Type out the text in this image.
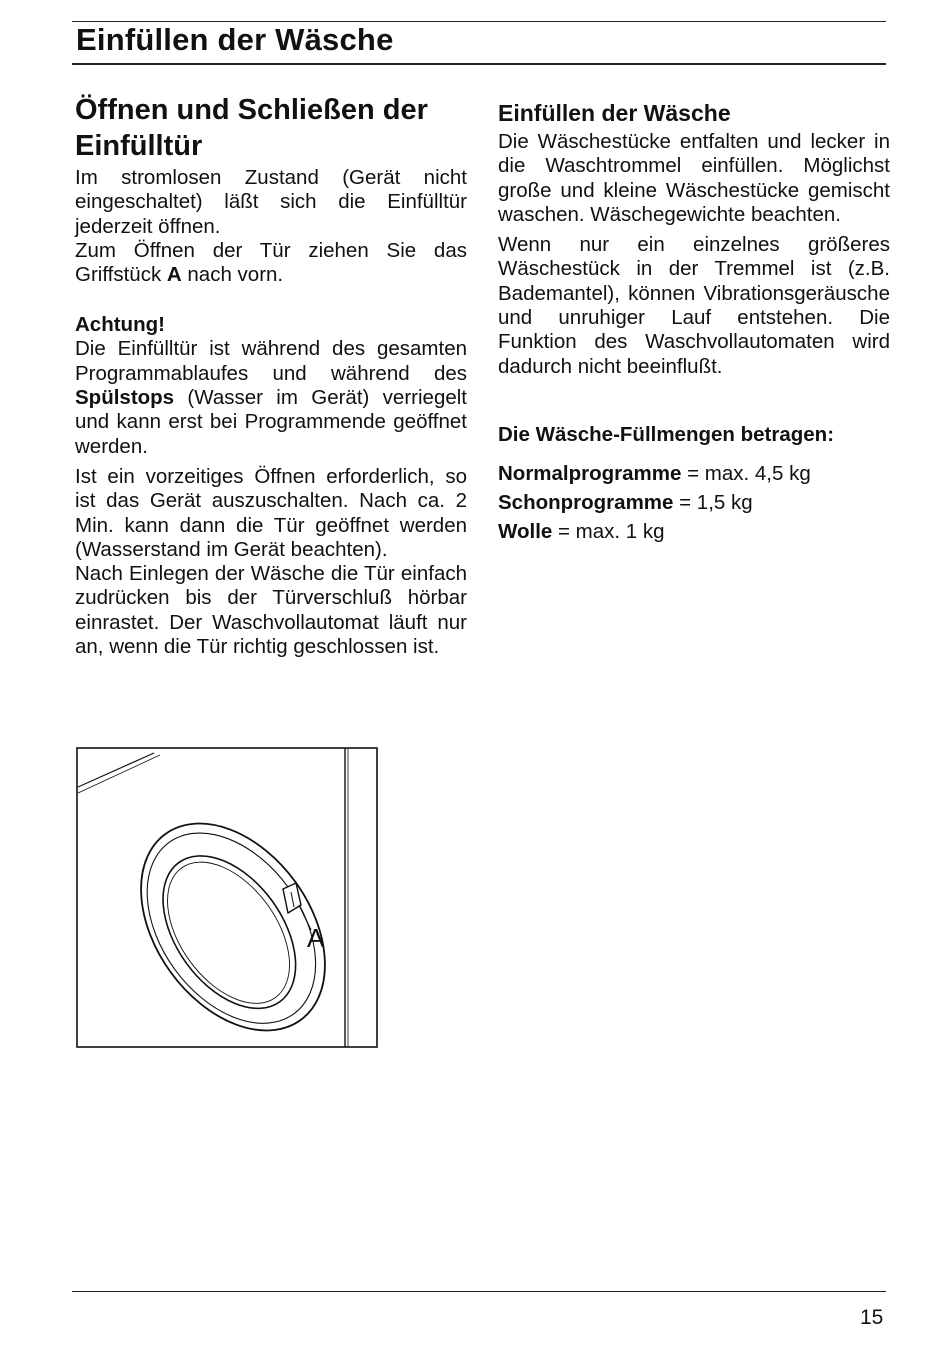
Einfüllen der Wäsche
Öffnen und Schließen der Einfülltür

Im stromlosen Zustand (Gerät nicht eingeschaltet) läßt sich die Einfülltür jederzeit öffnen.

Zum Öffnen der Tür ziehen Sie das Griffstück A nach vorn.

Achtung!

Die Einfülltür ist während des gesamten Programmablaufes und während des Spülstops (Wasser im Gerät) verriegelt und kann erst bei Programmende geöffnet werden.

Ist ein vorzeitiges Öffnen erforderlich, so ist das Gerät auszuschalten. Nach ca. 2 Min. kann dann die Tür geöffnet werden (Wasserstand im Gerät beachten).

Nach Einlegen der Wäsche die Tür einfach zudrücken bis der Türverschluß hörbar einrastet. Der Waschvollautomat läuft nur an, wenn die Tür richtig geschlossen ist.

A
Einfüllen der Wäsche

Die Wäschestücke entfalten und lecker in die Waschtrommel einfüllen. Möglichst große und kleine Wäschestücke gemischt waschen. Wäschegewichte beachten.

Wenn nur ein einzelnes größeres Wäschestück in der Tremmel ist (z.B. Bademantel), können Vibrationsgeräusche und unruhiger Lauf entstehen. Die Funktion des Waschvollautomaten wird dadurch nicht beeinflußt.

Die Wäsche-Füllmengen betragen:
Normalprogramme = max. 4,5 kg
Schonprogramme = 1,5 kg
Wolle = max. 1 kg
15
